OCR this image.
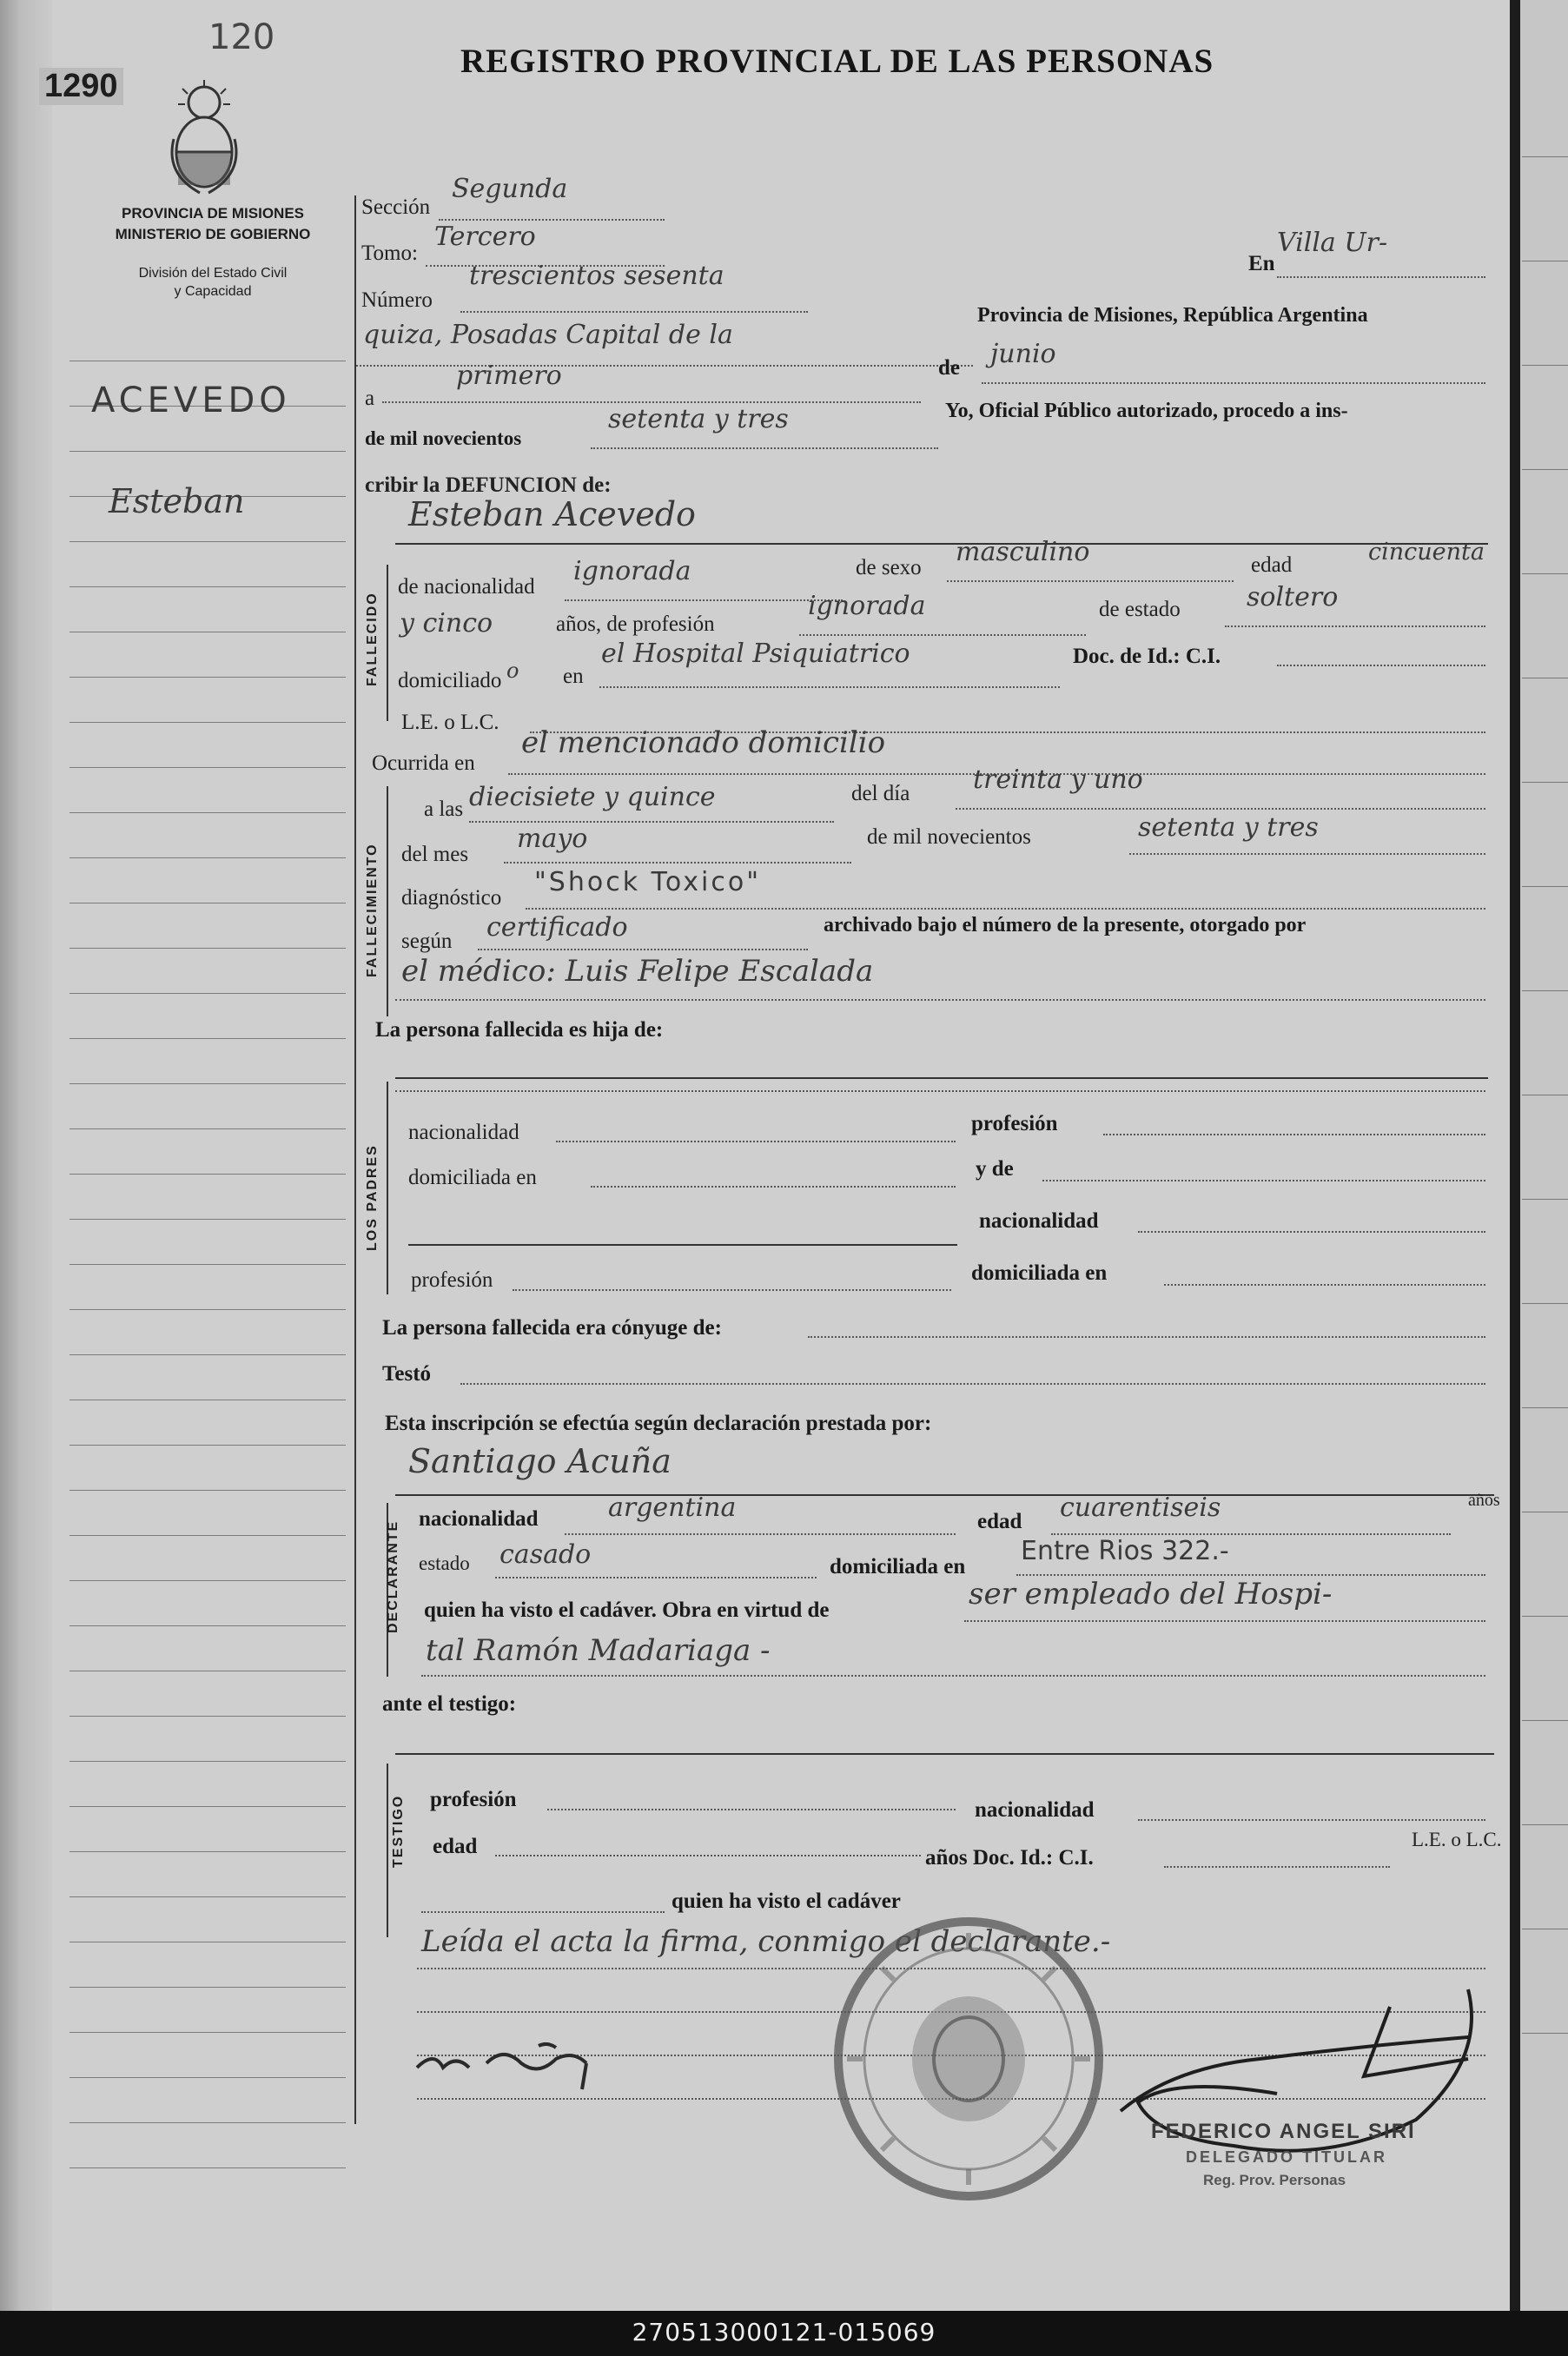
120
1290
REGISTRO PROVINCIAL DE LAS PERSONAS
PROVINCIA DE MISIONES
MINISTERIO DE GOBIERNO
División del Estado Civil
y Capacidad
ACEVEDO
Esteban
Sección
Segunda
Tomo:
Tercero
Número
trescientos sesenta	En
Villa Ur-
quiza, Posadas Capital de la
Provincia de Misiones, República Argentina
a
primero	de junio
de mil novecientos
setenta y tres	Yo, Oficial Público autorizado, procedo a ins-
cribir la DEFUNCION de:
FALLECIDO
Esteban Acevedo
de nacionalidad
ignorada	de sexo
masculino	edad	cincuenta
y cinco	años, de profesión
ignorada	de estado	soltero
domiciliado o en
el Hospital Psiquiatrico	Doc. de Id.: C.I.
L.E. o L.C.
Ocurrida en
el mencionado domicilio
FALLECIMIENTO
a las diecisiete y quince	del día treinta y uno
del mes
mayo	de mil novecientos	setenta y tres
diagnóstico
"Shock Toxico"
según certificado	archivado bajo el número de la presente, otorgado por
el médico: Luis Felipe Escalada
La persona fallecida es hija de:
LOS PADRES
nacionalidad	profesión
domiciliada en	y de
nacionalidad
profesión	domiciliada en
La persona fallecida era cónyuge de:
Testó
Esta inscripción se efectúa según declaración prestada por:
Santiago Acuña
DECLARANTE
nacionalidad	argentina	edad cuarentiseis	años
estado casado	domiciliada en
Entre Rios 322.-
quien ha visto el cadáver. Obra en virtud de	ser empleado del Hospi-
tal Ramón Madariaga -
ante el testigo:
TESTIGO profesión	nacionalidad
edad	años Doc. Id.: C.I.
L.E. o L.C.
quien ha visto el cadáver
Leída el acta la firma, conmigo el declarante.-
FEDERICO ANGEL SIRI
DELEGADO TITULAR
Reg. Prov. Personas
270513000121-015069
